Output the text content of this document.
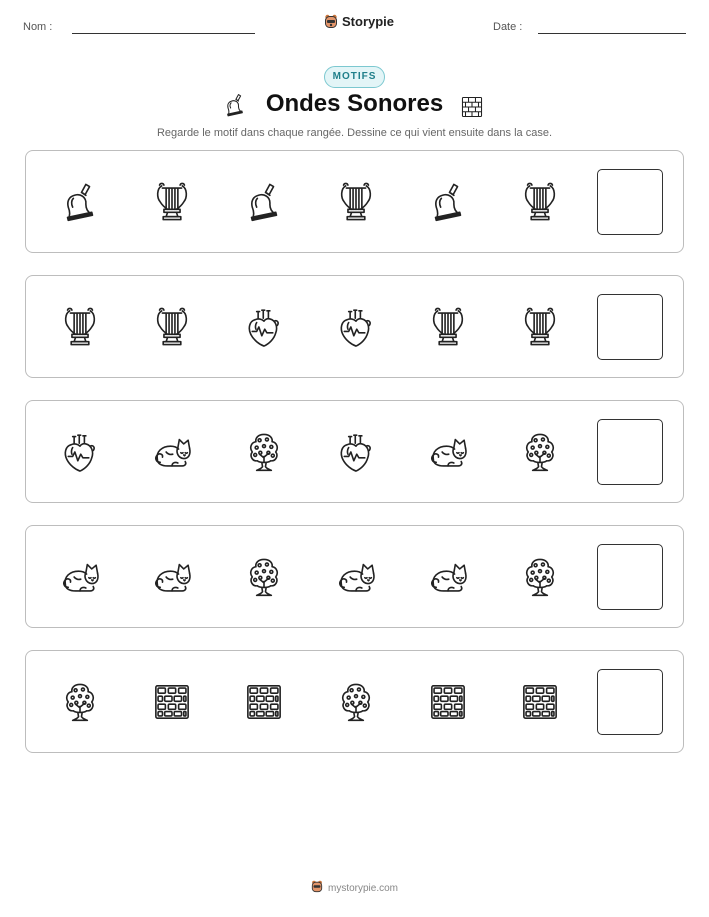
Nom :	Storypie	Date :
MOTIFS
Ondes Sonores
Regarde le motif dans chaque rangée. Dessine ce qui vient ensuite dans la case.
mystorypie.com
